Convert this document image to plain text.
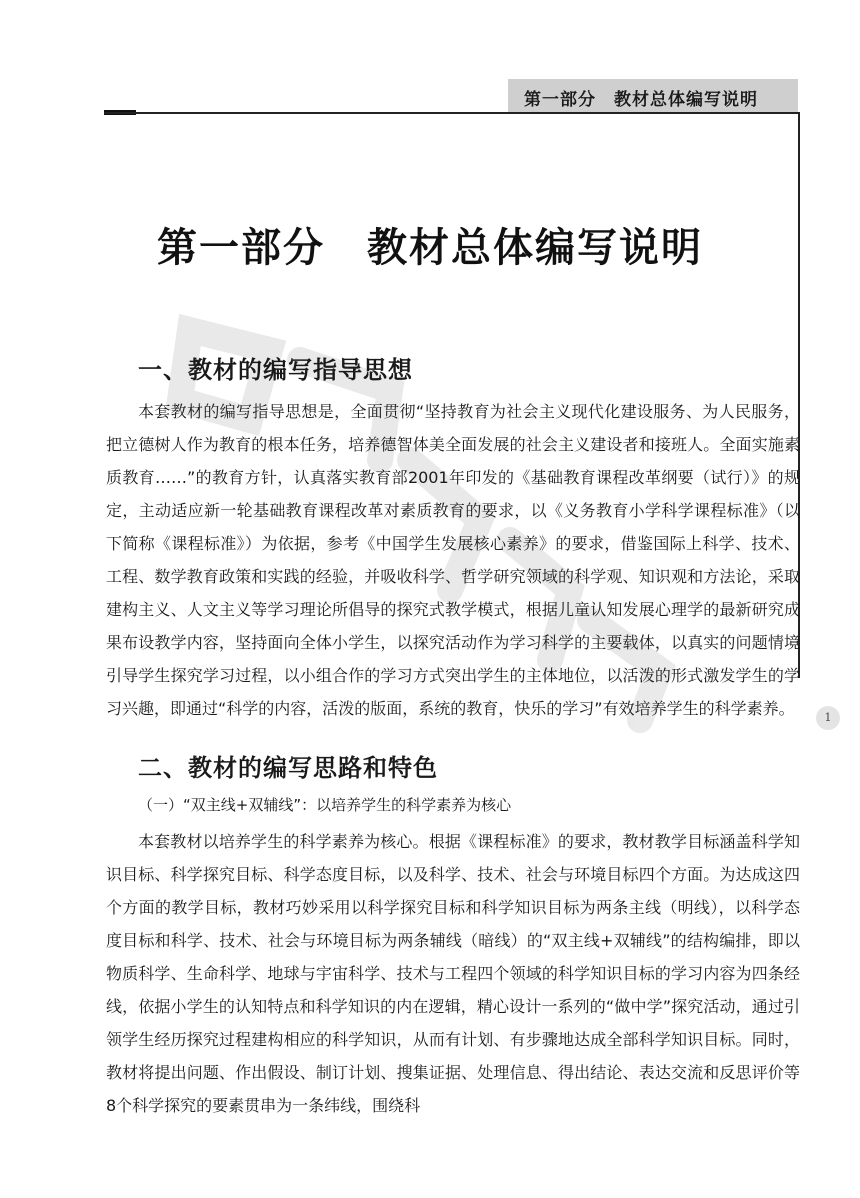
第一部分　教材总体编写说明
第一部分　教材总体编写说明
一、教材的编写指导思想

本套教材的编写指导思想是，全面贯彻“坚持教育为社会主义现代化建设服务、为人民服务，把立德树人作为教育的根本任务，培养德智体美全面发展的社会主义建设者和接班人。全面实施素质教育……”的教育方针，认真落实教育部2001年印发的《基础教育课程改革纲要（试行）》的规定，主动适应新一轮基础教育课程改革对素质教育的要求，以《义务教育小学科学课程标准》（以下简称《课程标准》）为依据，参考《中国学生发展核心素养》的要求，借鉴国际上科学、技术、工程、数学教育政策和实践的经验，并吸收科学、哲学研究领域的科学观、知识观和方法论，采取建构主义、人文主义等学习理论所倡导的探究式教学模式，根据儿童认知发展心理学的最新研究成果布设教学内容，坚持面向全体小学生，以探究活动作为学习科学的主要载体，以真实的问题情境引导学生探究学习过程，以小组合作的学习方式突出学生的主体地位，以活泼的形式激发学生的学习兴趣，即通过“科学的内容，活泼的版面，系统的教育，快乐的学习”有效培养学生的科学素养。

二、教材的编写思路和特色
（一）“双主线+双辅线”：以培养学生的科学素养为核心

本套教材以培养学生的科学素养为核心。根据《课程标准》的要求，教材教学目标涵盖科学知识目标、科学探究目标、科学态度目标，以及科学、技术、社会与环境目标四个方面。为达成这四个方面的教学目标，教材巧妙采用以科学探究目标和科学知识目标为两条主线（明线），以科学态度目标和科学、技术、社会与环境目标为两条辅线（暗线）的“双主线+双辅线”的结构编排，即以物质科学、生命科学、地球与宇宙科学、技术与工程四个领域的科学知识目标的学习内容为四条经线，依据小学生的认知特点和科学知识的内在逻辑，精心设计一系列的“做中学”探究活动，通过引领学生经历探究过程建构相应的科学知识，从而有计划、有步骤地达成全部科学知识目标。同时，教材将提出问题、作出假设、制订计划、搜集证据、处理信息、得出结论、表达交流和反思评价等8个科学探究的要素贯串为一条纬线，围绕科

1
